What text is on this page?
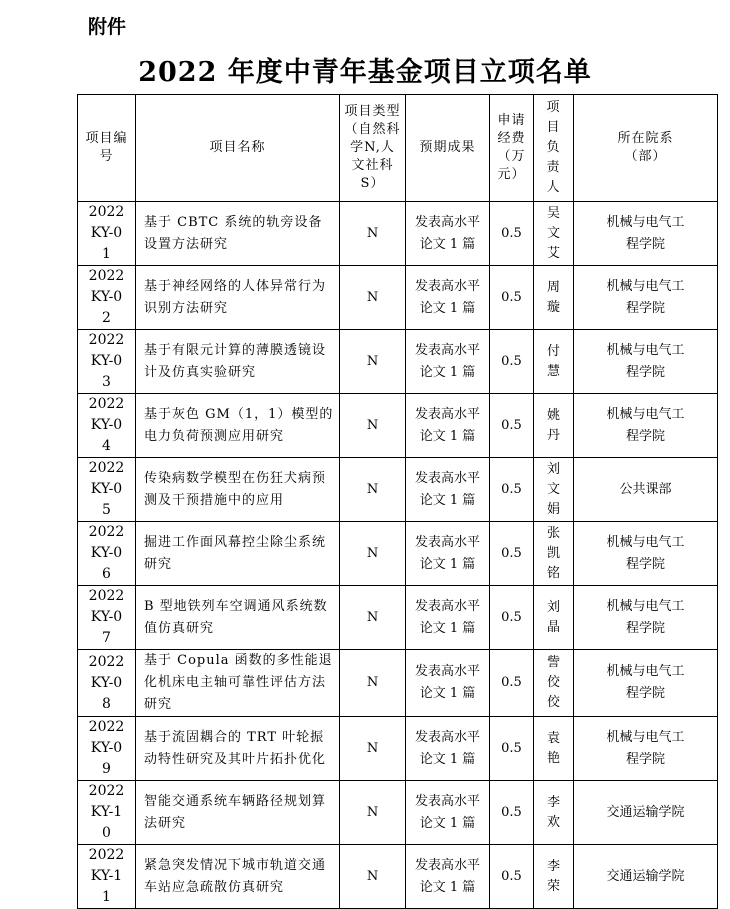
附件
2022 年度中青年基金项目立项名单
项目编号	项目名称	项目类型（自然科学N,人文社科S）	预期成果	申请经费（万元）	项目负责人	所在院系（部）

2022KY-01	基于 CBTC 系统的轨旁设备设置方法研究	N	发表高水平论文 1 篇	0.5	吴文艾	机械与电气工程学院

2022KY-02	基于神经网络的人体异常行为识别方法研究	N	发表高水平论文 1 篇	0.5	周璇	机械与电气工程学院

2022KY-03	基于有限元计算的薄膜透镜设计及仿真实验研究	N	发表高水平论文 1 篇	0.5	付慧	机械与电气工程学院

2022KY-04	基于灰色 GM（1，1）模型的电力负荷预测应用研究	N	发表高水平论文 1 篇	0.5	姚丹	机械与电气工程学院

2022KY-05	传染病数学模型在伤狂犬病预测及干预措施中的应用	N	发表高水平论文 1 篇	0.5	刘文娟	公共课部

2022KY-06	掘进工作面风幕控尘除尘系统研究	N	发表高水平论文 1 篇	0.5	张凯铭	机械与电气工程学院

2022KY-07	B 型地铁列车空调通风系统数值仿真研究	N	发表高水平论文 1 篇	0.5	刘晶	机械与电气工程学院

2022KY-08	基于 Copula 函数的多性能退化机床电主轴可靠性评估方法研究	N	发表高水平论文 1 篇	0.5	訾佼佼	机械与电气工程学院

2022KY-09	基于流固耦合的 TRT 叶轮振动特性研究及其叶片拓扑优化	N	发表高水平论文 1 篇	0.5	袁艳	机械与电气工程学院

2022KY-10	智能交通系统车辆路径规划算法研究	N	发表高水平论文 1 篇	0.5	李欢	交通运输学院

2022KY-11	紧急突发情况下城市轨道交通车站应急疏散仿真研究	N	发表高水平论文 1 篇	0.5	李荣	交通运输学院
